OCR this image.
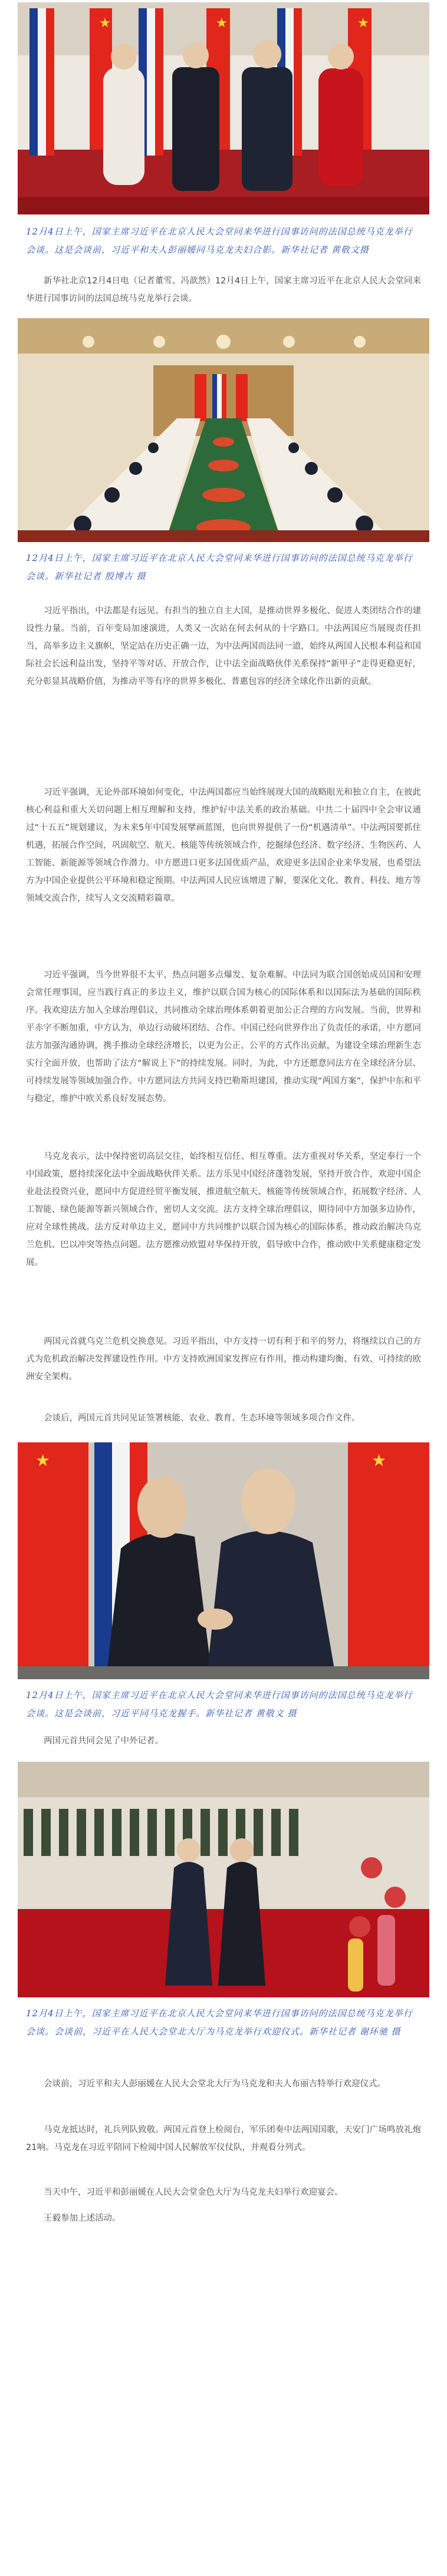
★	★	★
12月4日上午，国家主席习近平在北京人民大会堂同来华进行国事访问的法国总统马克龙举行会谈。这是会谈前，习近平和夫人彭丽媛同马克龙夫妇合影。新华社记者 黄敬文摄
新华社北京12月4日电（记者董雪、冯歆然）12月4日上午，国家主席习近平在北京人民大会堂同来华进行国事访问的法国总统马克龙举行会谈。
12月4日上午，国家主席习近平在北京人民大会堂同来华进行国事访问的法国总统马克龙举行会谈。新华社记者 殷博古 摄
习近平指出，中法都是有远见、有担当的独立自主大国，是推动世界多极化、促进人类团结合作的建设性力量。当前，百年变局加速演进，人类又一次站在何去何从的十字路口。中法两国应当展现责任担当，高举多边主义旗帜，坚定站在历史正确一边，为中法两国而法同一道，始终从两国人民根本利益和国际社会长远利益出发，坚持平等对话、开放合作，让中法全面战略伙伴关系保持“新甲子”走得更稳更好，充分彰显其战略价值，为推动平等有序的世界多极化、普惠包容的经济全球化作出新的贡献。
习近平强调，无论外部环境如何变化，中法两国都应当始终展现大国的战略眼光和独立自主，在彼此核心利益和重大关切问题上相互理解和支持，维护好中法关系的政治基础。中共二十届四中全会审议通过“十五五”规划建议，为未来5年中国发展擘画蓝图，也向世界提供了一份“机遇清单”。中法两国要抓住机遇，拓展合作空间，巩固航空、航天、核能等传统领域合作，挖掘绿色经济、数字经济、生物医药、人工智能、新能源等领域合作潜力。中方愿进口更多法国优质产品，欢迎更多法国企业来华发展，也希望法方为中国企业提供公平环境和稳定预期。中法两国人民应该增进了解，要深化文化、教育、科技、地方等领域交流合作，续写人文交流精彩篇章。
习近平强调，当今世界很不太平，热点问题多点爆发、复杂难解。中法同为联合国创始成员国和安理会常任理事国，应当践行真正的多边主义，维护以联合国为核心的国际体系和以国际法为基础的国际秩序。我欢迎法方加入全球治理倡议，共同推动全球治理体系朝着更加公正合理的方向发展。当前，世界和平赤字不断加重，中方认为，单边行动破坏团结、合作。中国已经向世界作出了负责任的承诺，中方愿同法方加强沟通协调，携手推动全球经济增长，以更为公正、公平的方式作出贡献，为建设全球治理新生态实行全面开放，也帮助了法方“解说上下”的持续发展。同时，为此，中方还愿意同法方在全球经济分层、可持续发展等领域加强合作。中方愿同法方共同支持巴勒斯坦建国，推动实现“两国方案”，保护中东和平与稳定，维护中欧关系良好发展态势。
马克龙表示，法中保持密切高层交往，始终相互信任、相互尊重。法方重视对华关系，坚定奉行一个中国政策，愿持续深化法中全面战略伙伴关系。法方乐见中国经济蓬勃发展，坚持开放合作，欢迎中国企业赴法投资兴业，愿同中方促进经贸平衡发展，推进航空航天、核能等传统领域合作，拓展数字经济、人工智能、绿色能源等新兴领域合作，密切人文交流。法方支持全球治理倡议，期待同中方加强多边协作，应对全球性挑战。法方反对单边主义，愿同中方共同维护以联合国为核心的国际体系，推动政治解决乌克兰危机、巴以冲突等热点问题。法方愿推动欧盟对华保持开放，倡导欧中合作，推动欧中关系健康稳定发展。
两国元首就乌克兰危机交换意见。习近平指出，中方支持一切有利于和平的努力，将继续以自己的方式为危机政治解决发挥建设性作用。中方支持欧洲国家发挥应有作用，推动构建均衡、有效、可持续的欧洲安全架构。
会谈后，两国元首共同见证签署核能、农业、教育、生态环境等领域多项合作文件。
★
★
12月4日上午，国家主席习近平在北京人民大会堂同来华进行国事访问的法国总统马克龙举行会谈。这是会谈前，习近平同马克龙握手。新华社记者 黄敬文 摄
两国元首共同会见了中外记者。
12月4日上午，国家主席习近平在北京人民大会堂同来华进行国事访问的法国总统马克龙举行会谈。会谈前，习近平在人民大会堂北大厅为马克龙举行欢迎仪式。新华社记者 谢环驰 摄
会谈前，习近平和夫人彭丽媛在人民大会堂北大厅为马克龙和夫人布丽吉特举行欢迎仪式。
马克龙抵达时，礼兵列队致敬。两国元首登上检阅台，军乐团奏中法两国国歌，天安门广场鸣放礼炮21响。马克龙在习近平陪同下检阅中国人民解放军仪仗队，并观看分列式。
当天中午，习近平和彭丽媛在人民大会堂金色大厅为马克龙夫妇举行欢迎宴会。
王毅参加上述活动。
